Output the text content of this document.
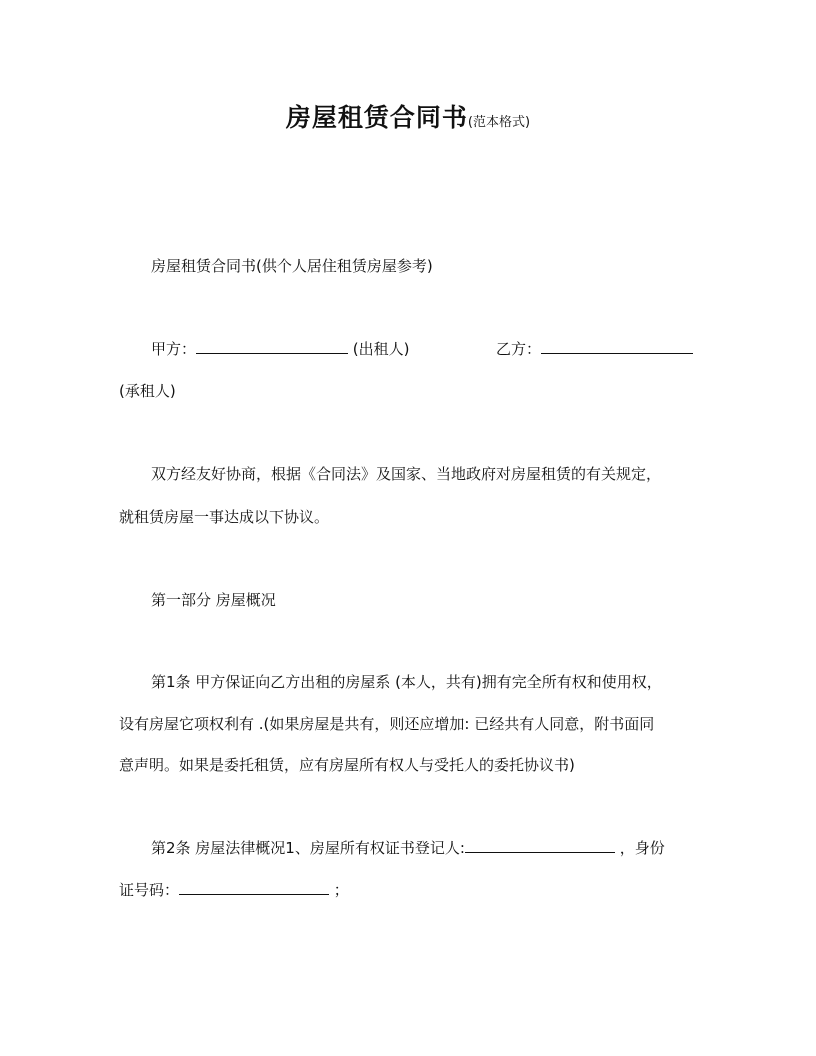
房屋租赁合同书(范本格式)
房屋租赁合同书(供个人居住租赁房屋参考)
甲方：	(出租人)	乙方：
(承租人)
双方经友好协商，根据《合同法》及国家、当地政府对房屋租赁的有关规定，
就租赁房屋一事达成以下协议。
第一部分 房屋概况
第1条 甲方保证向乙方出租的房屋系 (本人，共有)拥有完全所有权和使用权，
设有房屋它项权利有 .(如果房屋是共有，则还应增加: 已经共有人同意，附书面同
意声明。如果是委托租赁，应有房屋所有权人与受托人的委托协议书)
第2条 房屋法律概况1、房屋所有权证书登记人:	，身份
证号码：	；
